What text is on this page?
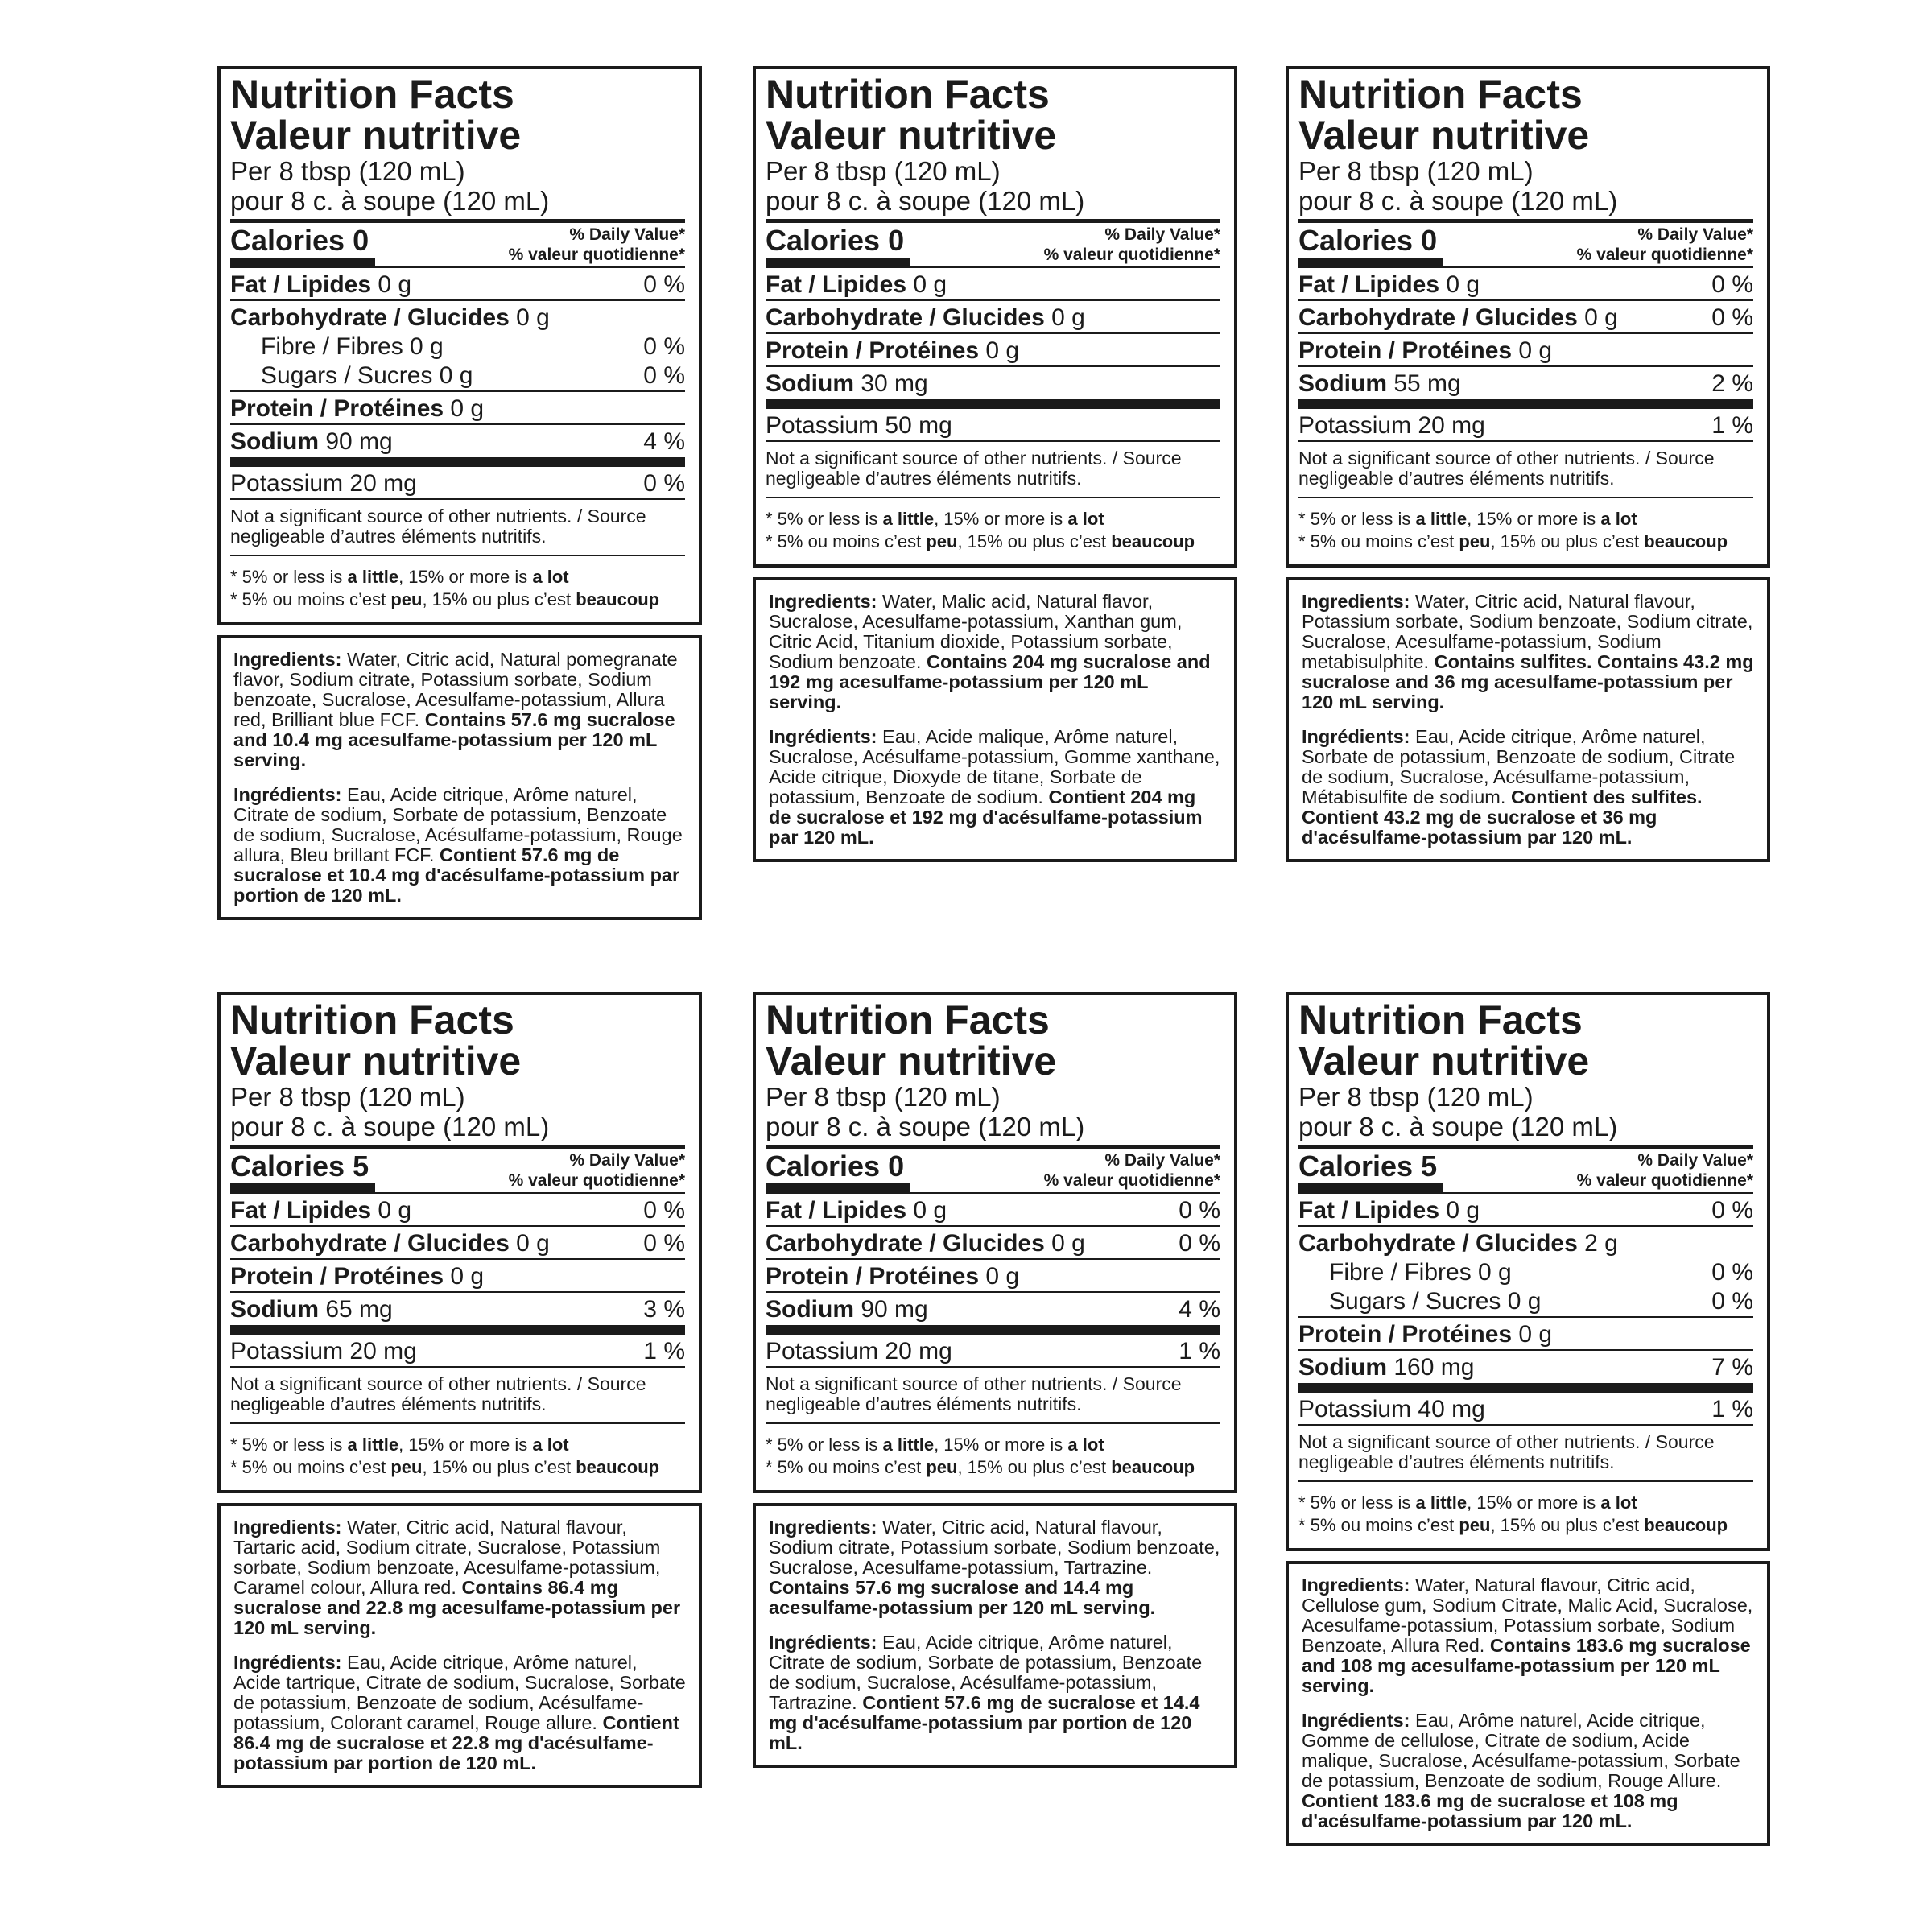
Nutrition Facts
Valeur nutritive
Per 8 tbsp (120 mL)
pour 8 c. à soupe (120 mL)
Calories 0	% Daily Value*
% valeur quotidienne*
Fat / Lipides 0 g	0 %
Carbohydrate / Glucides 0 g
Fibre / Fibres 0 g	0 %
Sugars / Sucres 0 g	0 %
Protein / Protéines 0 g
Sodium 90 mg	4 %
Potassium 20 mg	0 %
Not a significant source of other nutrients. / Source negligeable d’autres éléments nutritifs.
* 5% or less is a little, 15% or more is a lot
* 5% ou moins c’est peu, 15% ou plus c’est beaucoup

Ingredients: Water, Citric acid, Natural pomegranate flavor, Sodium citrate, Potassium sorbate, Sodium benzoate, Sucralose, Acesulfame-potassium, Allura red, Brilliant blue FCF. Contains 57.6 mg sucralose and 10.4 mg acesulfame-potassium per 120 mL serving.

Ingrédients: Eau, Acide citrique, Arôme naturel, Citrate de sodium, Sorbate de potassium, Benzoate de sodium, Sucralose, Acésulfame-potassium, Rouge allura, Bleu brillant FCF. Contient 57.6 mg de sucralose et 10.4 mg d'acésulfame-potassium par portion de 120 mL.

Nutrition Facts
Valeur nutritive
Per 8 tbsp (120 mL)
pour 8 c. à soupe (120 mL)
Calories 0	% Daily Value*
% valeur quotidienne*
Fat / Lipides 0 g
Carbohydrate / Glucides 0 g
Protein / Protéines 0 g
Sodium 30 mg
Potassium 50 mg
Not a significant source of other nutrients. / Source negligeable d’autres éléments nutritifs.
* 5% or less is a little, 15% or more is a lot
* 5% ou moins c’est peu, 15% ou plus c’est beaucoup

Ingredients: Water, Malic acid, Natural flavor, Sucralose, Acesulfame-potassium, Xanthan gum, Citric Acid, Titanium dioxide, Potassium sorbate, Sodium benzoate. Contains 204 mg sucralose and 192 mg acesulfame-potassium per 120 mL serving.

Ingrédients: Eau, Acide malique, Arôme naturel, Sucralose, Acésulfame-potassium, Gomme xanthane, Acide citrique, Dioxyde de titane, Sorbate de potassium, Benzoate de sodium. Contient 204 mg de sucralose et 192 mg d'acésulfame-potassium par 120 mL.

Nutrition Facts
Valeur nutritive
Per 8 tbsp (120 mL)
pour 8 c. à soupe (120 mL)
Calories 0	% Daily Value*
% valeur quotidienne*
Fat / Lipides 0 g	0 %
Carbohydrate / Glucides 0 g	0 %
Protein / Protéines 0 g
Sodium 55 mg	2 %
Potassium 20 mg	1 %
Not a significant source of other nutrients. / Source negligeable d’autres éléments nutritifs.
* 5% or less is a little, 15% or more is a lot
* 5% ou moins c’est peu, 15% ou plus c’est beaucoup

Ingredients: Water, Citric acid, Natural flavour, Potassium sorbate, Sodium benzoate, Sodium citrate, Sucralose, Acesulfame-potassium, Sodium metabisulphite. Contains sulfites. Contains 43.2 mg sucralose and 36 mg acesulfame-potassium per 120 mL serving.

Ingrédients: Eau, Acide citrique, Arôme naturel, Sorbate de potassium, Benzoate de sodium, Citrate de sodium, Sucralose, Acésulfame-potassium, Métabisulfite de sodium. Contient des sulfites. Contient 43.2 mg de sucralose et 36 mg d'acésulfame-potassium par 120 mL.

Nutrition Facts
Valeur nutritive
Per 8 tbsp (120 mL)
pour 8 c. à soupe (120 mL)
Calories 5	% Daily Value*
% valeur quotidienne*
Fat / Lipides 0 g	0 %
Carbohydrate / Glucides 0 g	0 %
Protein / Protéines 0 g
Sodium 65 mg	3 %
Potassium 20 mg	1 %
Not a significant source of other nutrients. / Source negligeable d’autres éléments nutritifs.
* 5% or less is a little, 15% or more is a lot
* 5% ou moins c’est peu, 15% ou plus c’est beaucoup

Ingredients: Water, Citric acid, Natural flavour, Tartaric acid, Sodium citrate, Sucralose, Potassium sorbate, Sodium benzoate, Acesulfame-potassium, Caramel colour, Allura red. Contains 86.4 mg sucralose and 22.8 mg acesulfame-potassium per 120 mL serving.

Ingrédients: Eau, Acide citrique, Arôme naturel, Acide tartrique, Citrate de sodium, Sucralose, Sorbate de potassium, Benzoate de sodium, Acésulfame-potassium, Colorant caramel, Rouge allure. Contient 86.4 mg de sucralose et 22.8 mg d'acésulfame-potassium par portion de 120 mL.

Nutrition Facts
Valeur nutritive
Per 8 tbsp (120 mL)
pour 8 c. à soupe (120 mL)
Calories 0	% Daily Value*
% valeur quotidienne*
Fat / Lipides 0 g	0 %
Carbohydrate / Glucides 0 g	0 %
Protein / Protéines 0 g
Sodium 90 mg	4 %
Potassium 20 mg	1 %
Not a significant source of other nutrients. / Source negligeable d’autres éléments nutritifs.
* 5% or less is a little, 15% or more is a lot
* 5% ou moins c’est peu, 15% ou plus c’est beaucoup

Ingredients: Water, Citric acid, Natural flavour, Sodium citrate, Potassium sorbate, Sodium benzoate, Sucralose, Acesulfame-potassium, Tartrazine. Contains 57.6 mg sucralose and 14.4 mg acesulfame-potassium per 120 mL serving.

Ingrédients: Eau, Acide citrique, Arôme naturel, Citrate de sodium, Sorbate de potassium, Benzoate de sodium, Sucralose, Acésulfame-potassium, Tartrazine. Contient 57.6 mg de sucralose et 14.4 mg d'acésulfame-potassium par portion de 120 mL.

Nutrition Facts
Valeur nutritive
Per 8 tbsp (120 mL)
pour 8 c. à soupe (120 mL)
Calories 5	% Daily Value*
% valeur quotidienne*
Fat / Lipides 0 g	0 %
Carbohydrate / Glucides 2 g
Fibre / Fibres 0 g	0 %
Sugars / Sucres 0 g	0 %
Protein / Protéines 0 g
Sodium 160 mg	7 %
Potassium 40 mg	1 %
Not a significant source of other nutrients. / Source negligeable d’autres éléments nutritifs.
* 5% or less is a little, 15% or more is a lot
* 5% ou moins c’est peu, 15% ou plus c’est beaucoup

Ingredients: Water, Natural flavour, Citric acid, Cellulose gum, Sodium Citrate, Malic Acid, Sucralose, Acesulfame-potassium, Potassium sorbate, Sodium Benzoate, Allura Red. Contains 183.6 mg sucralose and 108 mg acesulfame-potassium per 120 mL serving.

Ingrédients: Eau, Arôme naturel, Acide citrique, Gomme de cellulose, Citrate de sodium, Acide malique, Sucralose, Acésulfame-potassium, Sorbate de potassium, Benzoate de sodium, Rouge Allure. Contient 183.6 mg de sucralose et 108 mg d'acésulfame-potassium par 120 mL.
